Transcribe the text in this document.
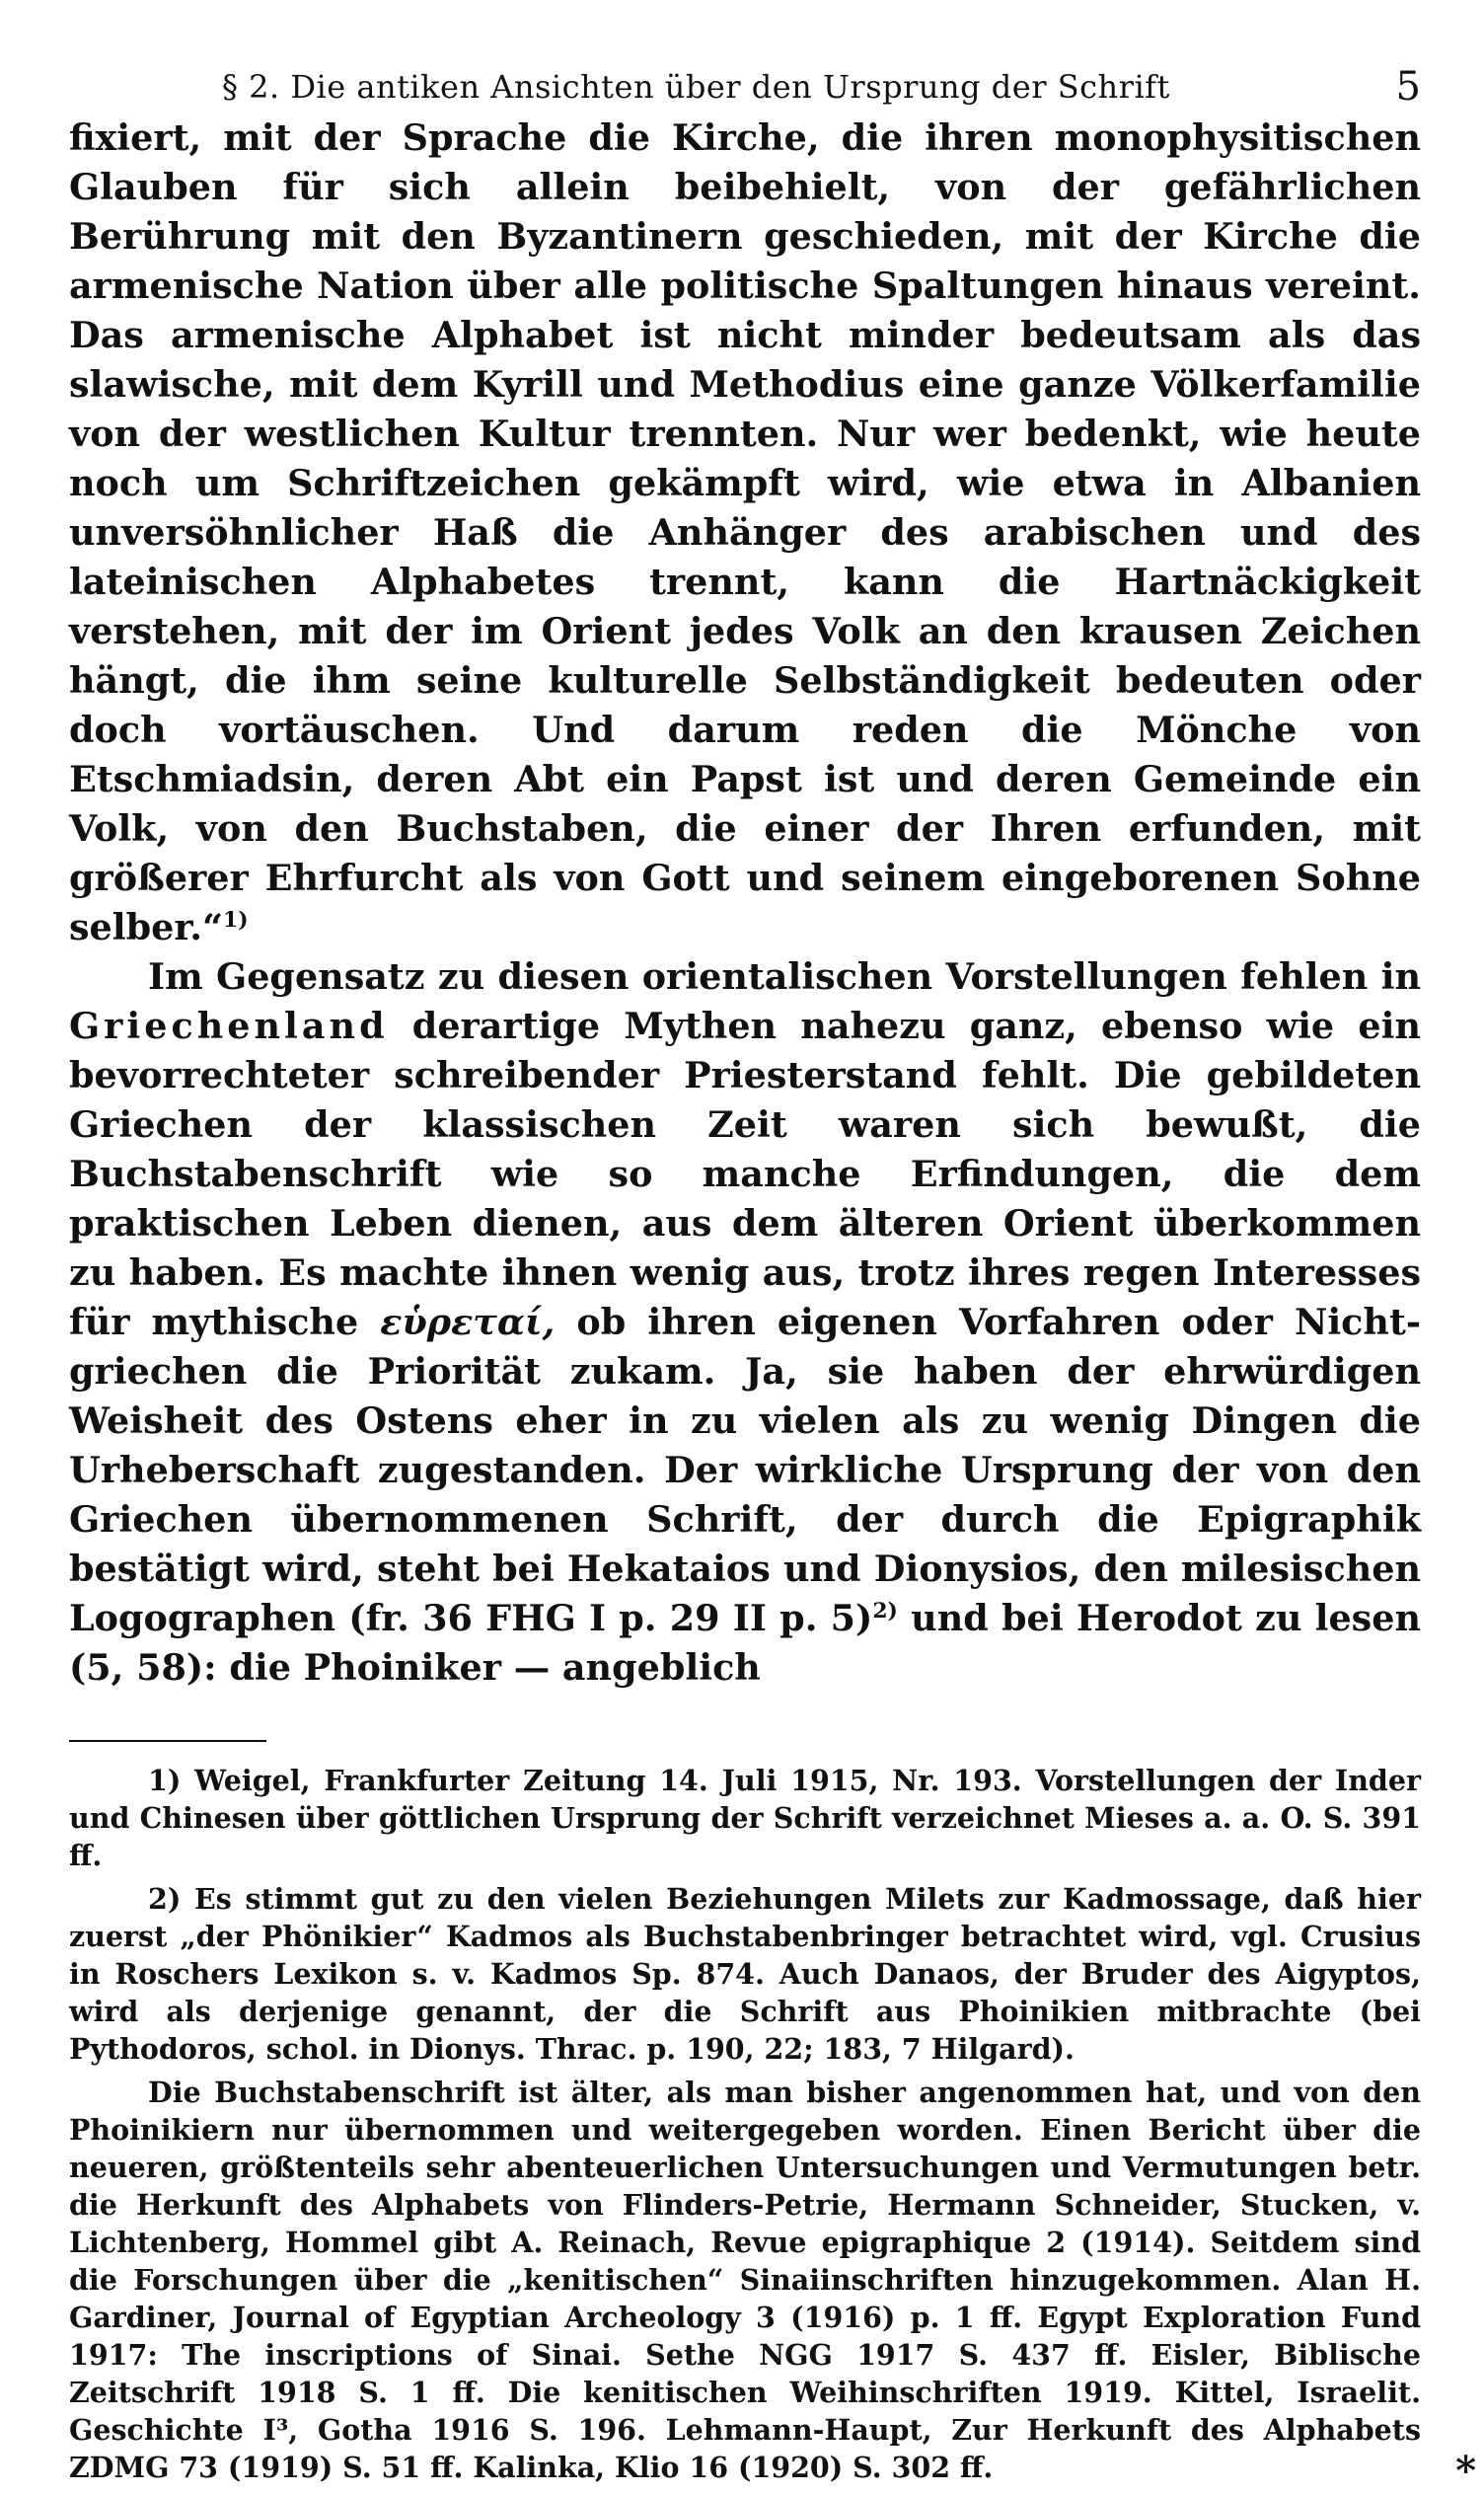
§ 2. Die antiken Ansichten über den Ursprung der Schrift	5

fixiert, mit der Sprache die Kirche, die ihren monophysitischen Glauben für sich allein beibehielt, von der gefährlichen Berührung mit den Byzantinern geschieden, mit der Kirche die armenische Nation über alle politische Spaltungen hinaus vereint. Das armenische Alphabet ist nicht minder bedeutsam als das slawische, mit dem Kyrill und Methodius eine ganze Völkerfamilie von der westlichen Kultur trennten. Nur wer bedenkt, wie heute noch um Schriftzeichen gekämpft wird, wie etwa in Albanien unversöhnlicher Haß die Anhänger des arabischen und des lateinischen Alphabetes trennt, kann die Hartnäckigkeit verstehen, mit der im Orient jedes Volk an den krausen Zeichen hängt, die ihm seine kulturelle Selbständigkeit bedeuten oder doch vortäuschen. Und darum reden die Mönche von Etschmiadsin, deren Abt ein Papst ist und deren Gemeinde ein Volk, von den Buchstaben, die einer der Ihren erfunden, mit größerer Ehrfurcht als von Gott und seinem eingeborenen Sohne selber.“$^{1)}$

Im Gegensatz zu diesen orientalischen Vorstellungen fehlen in Griechenland derartige Mythen nahezu ganz, ebenso wie ein bevorrechteter schreibender Priesterstand fehlt. Die gebildeten Griechen der klassischen Zeit waren sich bewußt, die Buchstabenschrift wie so manche Erfindungen, die dem praktischen Leben dienen, aus dem älteren Orient überkommen zu haben. Es machte ihnen wenig aus, trotz ihres regen Interesses für mythische εὑρεταί, ob ihren eigenen Vorfahren oder Nichtgriechen die Priorität zukam. Ja, sie haben der ehrwürdigen Weisheit des Ostens eher in zu vielen als zu wenig Dingen die Urheberschaft zugestanden. Der wirkliche Ursprung der von den Griechen übernommenen Schrift, der durch die Epigraphik bestätigt wird, steht bei Hekataios und Dionysios, den milesischen Logographen (fr. 36 FHG I p. 29 II p. 5)$^{2)}$ und bei Herodot zu lesen (5, 58): die Phoiniker — angeblich

1) Weigel, Frankfurter Zeitung 14. Juli 1915, Nr. 193. Vorstellungen der Inder und Chinesen über göttlichen Ursprung der Schrift verzeichnet Mieses a. a. O. S. 391 ff.

2) Es stimmt gut zu den vielen Beziehungen Milets zur Kadmossage, daß hier zuerst „der Phönikier“ Kadmos als Buchstabenbringer betrachtet wird, vgl. Crusius in Roschers Lexikon s. v. Kadmos Sp. 874. Auch Danaos, der Bruder des Aigyptos, wird als derjenige genannt, der die Schrift aus Phoinikien mitbrachte (bei Pythodoros, schol. in Dionys. Thrac. p. 190, 22; 183, 7 Hilgard).

Die Buchstabenschrift ist älter, als man bisher angenommen hat, und von den Phoinikiern nur übernommen und weitergegeben worden. Einen Bericht über die neueren, größtenteils sehr abenteuerlichen Untersuchungen und Vermutungen betr. die Herkunft des Alphabets von Flinders-Petrie, Hermann Schneider, Stucken, v. Lichtenberg, Hommel gibt A. Reinach, Revue epigraphique 2 (1914). Seitdem sind die Forschungen über die „kenitischen“ Sinaiinschriften hinzugekommen. Alan H. Gardiner, Journal of Egyptian Archeology 3 (1916) p. 1 ff. Egypt Exploration Fund 1917: The inscriptions of Sinai. Sethe NGG 1917 S. 437 ff. Eisler, Biblische Zeitschrift 1918 S. 1 ff. Die kenitischen Weihinschriften 1919. Kittel, Israelit. Geschichte I³, Gotha 1916 S. 196. Lehmann-Haupt, Zur Herkunft des Alphabets ZDMG 73 (1919) S. 51 ff. Kalinka, Klio 16 (1920) S. 302 ff.	*
